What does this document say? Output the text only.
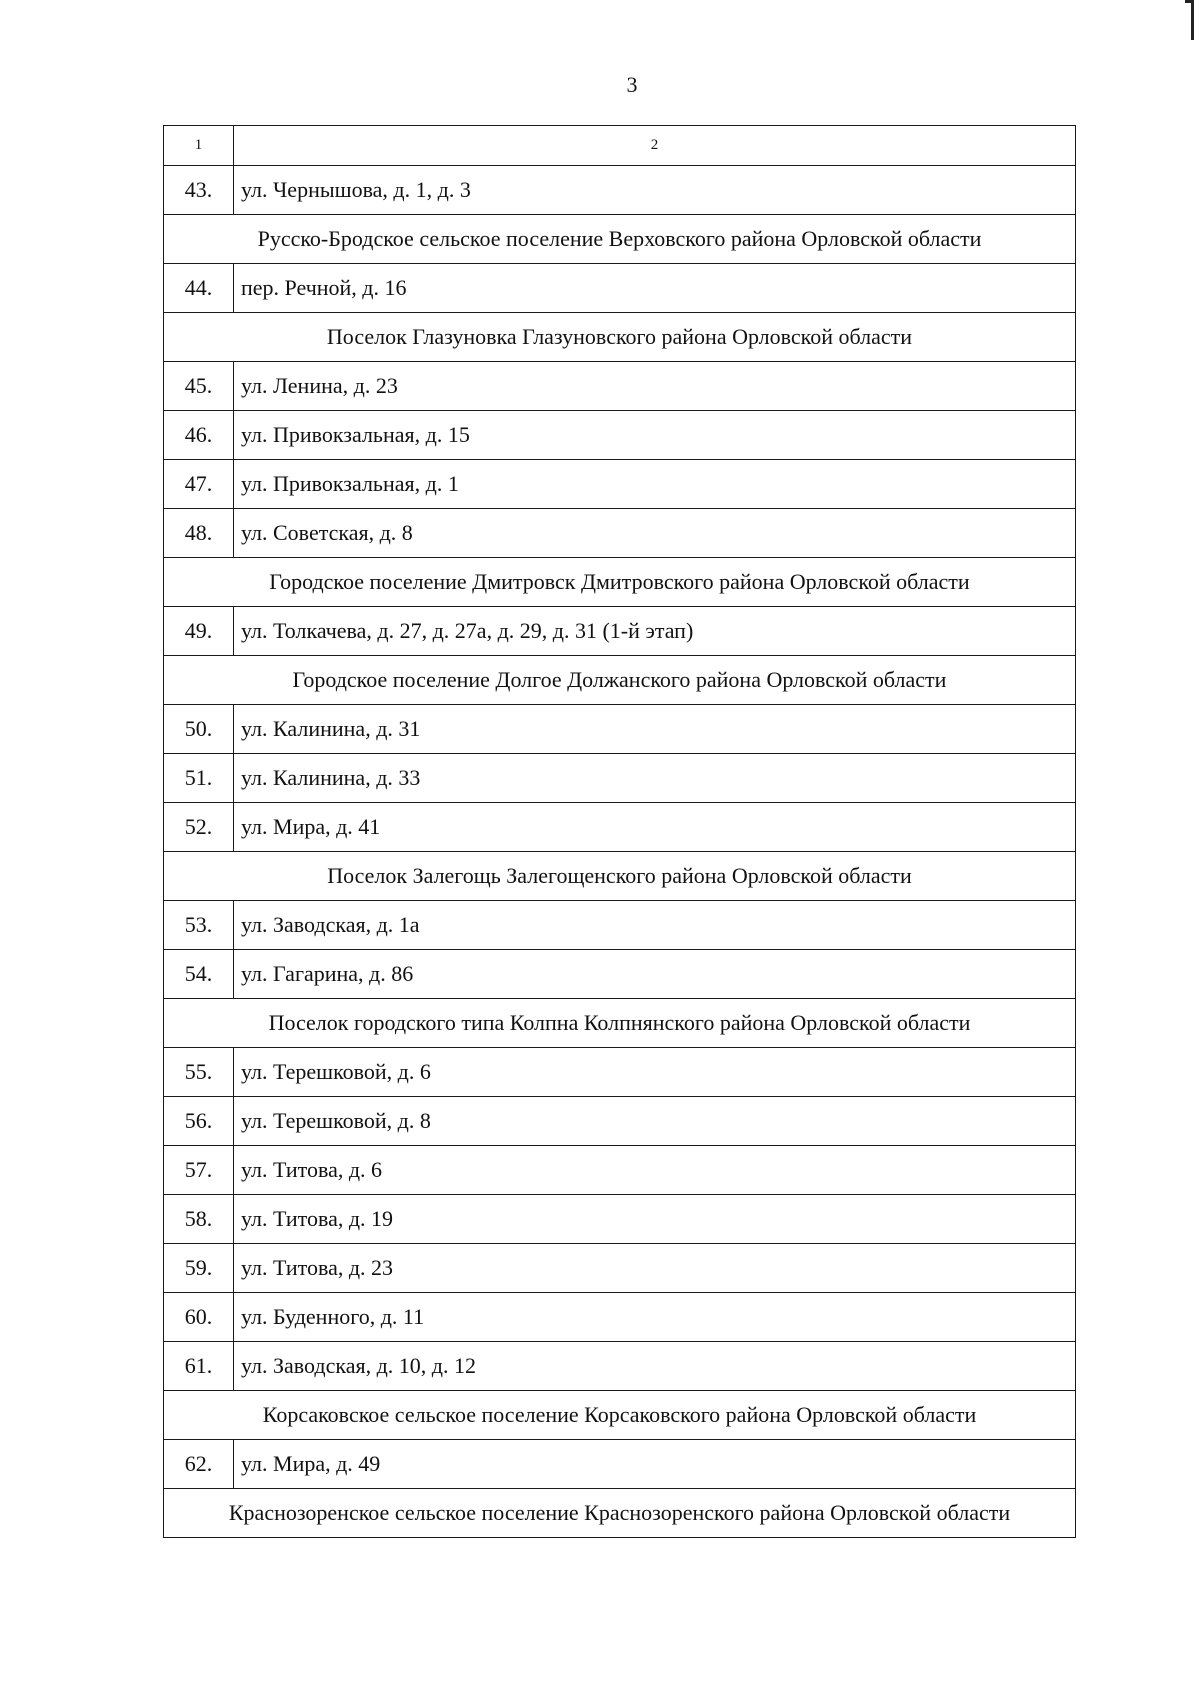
3
1	2
43.	ул. Чернышова, д. 1, д. 3
Русско-Бродское сельское поселение Верховского района Орловской области	
44.	пер. Речной, д. 16
Поселок Глазуновка Глазуновского района Орловской области	
45.	ул. Ленина, д. 23
46.	ул. Привокзальная, д. 15
47.	ул. Привокзальная, д. 1
48.	ул. Советская, д. 8
Городское поселение Дмитровск Дмитровского района Орловской области	
49.	ул. Толкачева, д. 27, д. 27а, д. 29, д. 31 (1-й этап)
Городское поселение Долгое Должанского района Орловской области	
50.	ул. Калинина, д. 31
51.	ул. Калинина, д. 33
52.	ул. Мира, д. 41
Поселок Залегощь Залегощенского района Орловской области	
53.	ул. Заводская, д. 1а
54.	ул. Гагарина, д. 86
Поселок городского типа Колпна Колпнянского района Орловской области	
55.	ул. Терешковой, д. 6
56.	ул. Терешковой, д. 8
57.	ул. Титова, д. 6
58.	ул. Титова, д. 19
59.	ул. Титова, д. 23
60.	ул. Буденного, д. 11
61.	ул. Заводская, д. 10, д. 12
Корсаковское сельское поселение Корсаковского района Орловской области	
62.	ул. Мира, д. 49
Краснозоренское сельское поселение Краснозоренского района Орловской области	
